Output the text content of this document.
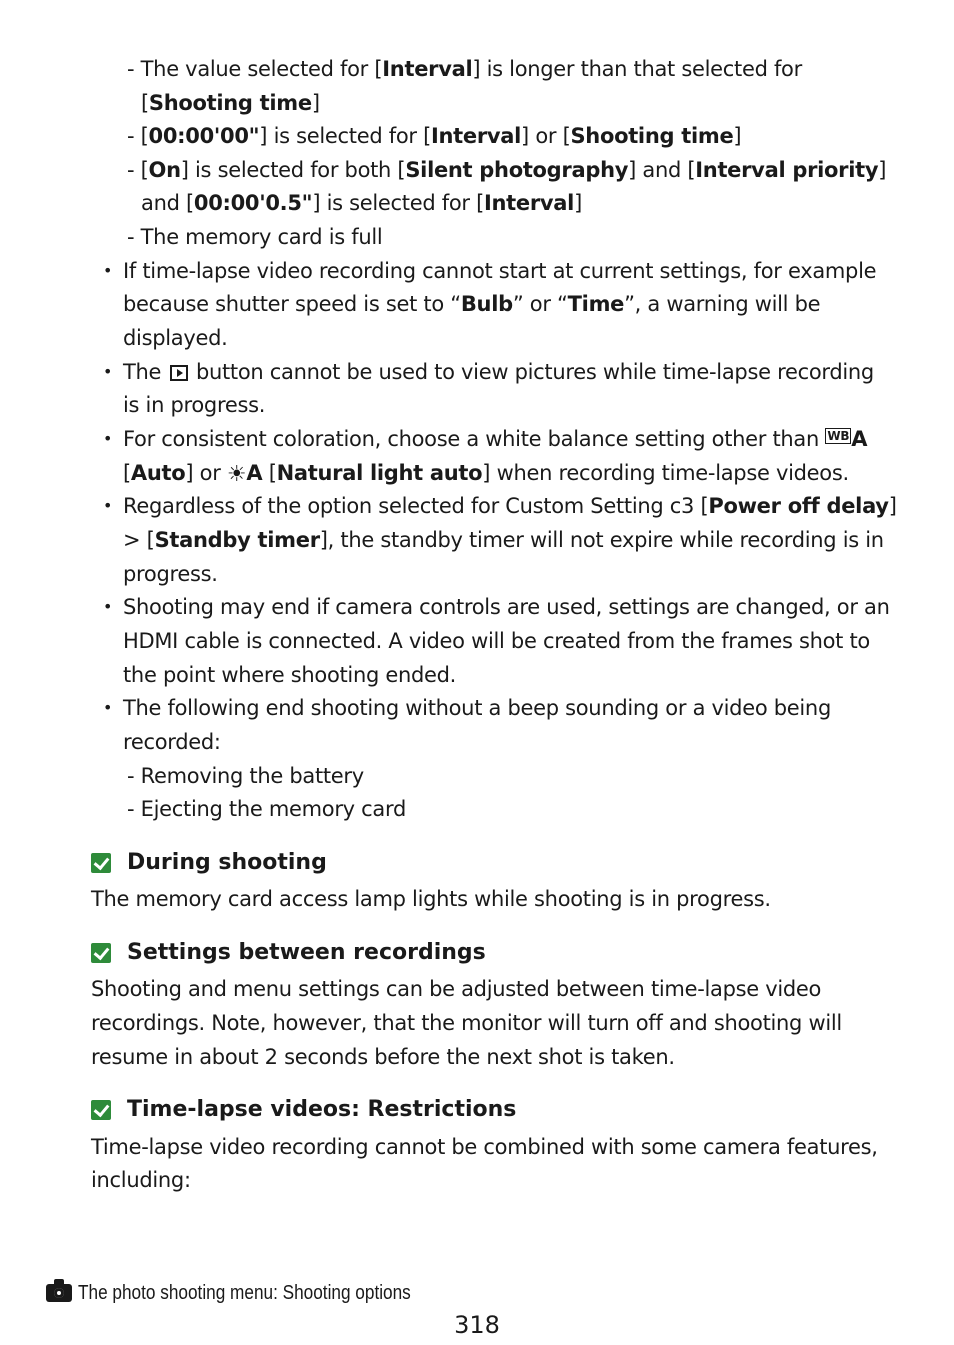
- The value selected for [Interval] is longer than that selected for
[Shooting time]
- [00:00'00"] is selected for [Interval] or [Shooting time]
- [On] is selected for both [Silent photography] and [Interval priority]
and [00:00'0.5"] is selected for [Interval]
- The memory card is full
• If time-lapse video recording cannot start at current settings, for example
because shutter speed is set to “Bulb” or “Time”, a warning will be
displayed.
• The button cannot be used to view pictures while time-lapse recording
is in progress.
• For consistent coloration, choose a white balance setting other than WBA
[Auto] or ☀A [Natural light auto] when recording time-lapse videos.
• Regardless of the option selected for Custom Setting c3 [Power off delay]
> [Standby timer], the standby timer will not expire while recording is in
progress.
• Shooting may end if camera controls are used, settings are changed, or an
HDMI cable is connected. A video will be created from the frames shot to
the point where shooting ended.
• The following end shooting without a beep sounding or a video being
recorded:
- Removing the battery
- Ejecting the memory card
During shooting
The memory card access lamp lights while shooting is in progress.
Settings between recordings
Shooting and menu settings can be adjusted between time-lapse video
recordings. Note, however, that the monitor will turn off and shooting will
resume in about 2 seconds before the next shot is taken.
Time-lapse videos: Restrictions
Time-lapse video recording cannot be combined with some camera features,
including:
The photo shooting menu: Shooting options
318
